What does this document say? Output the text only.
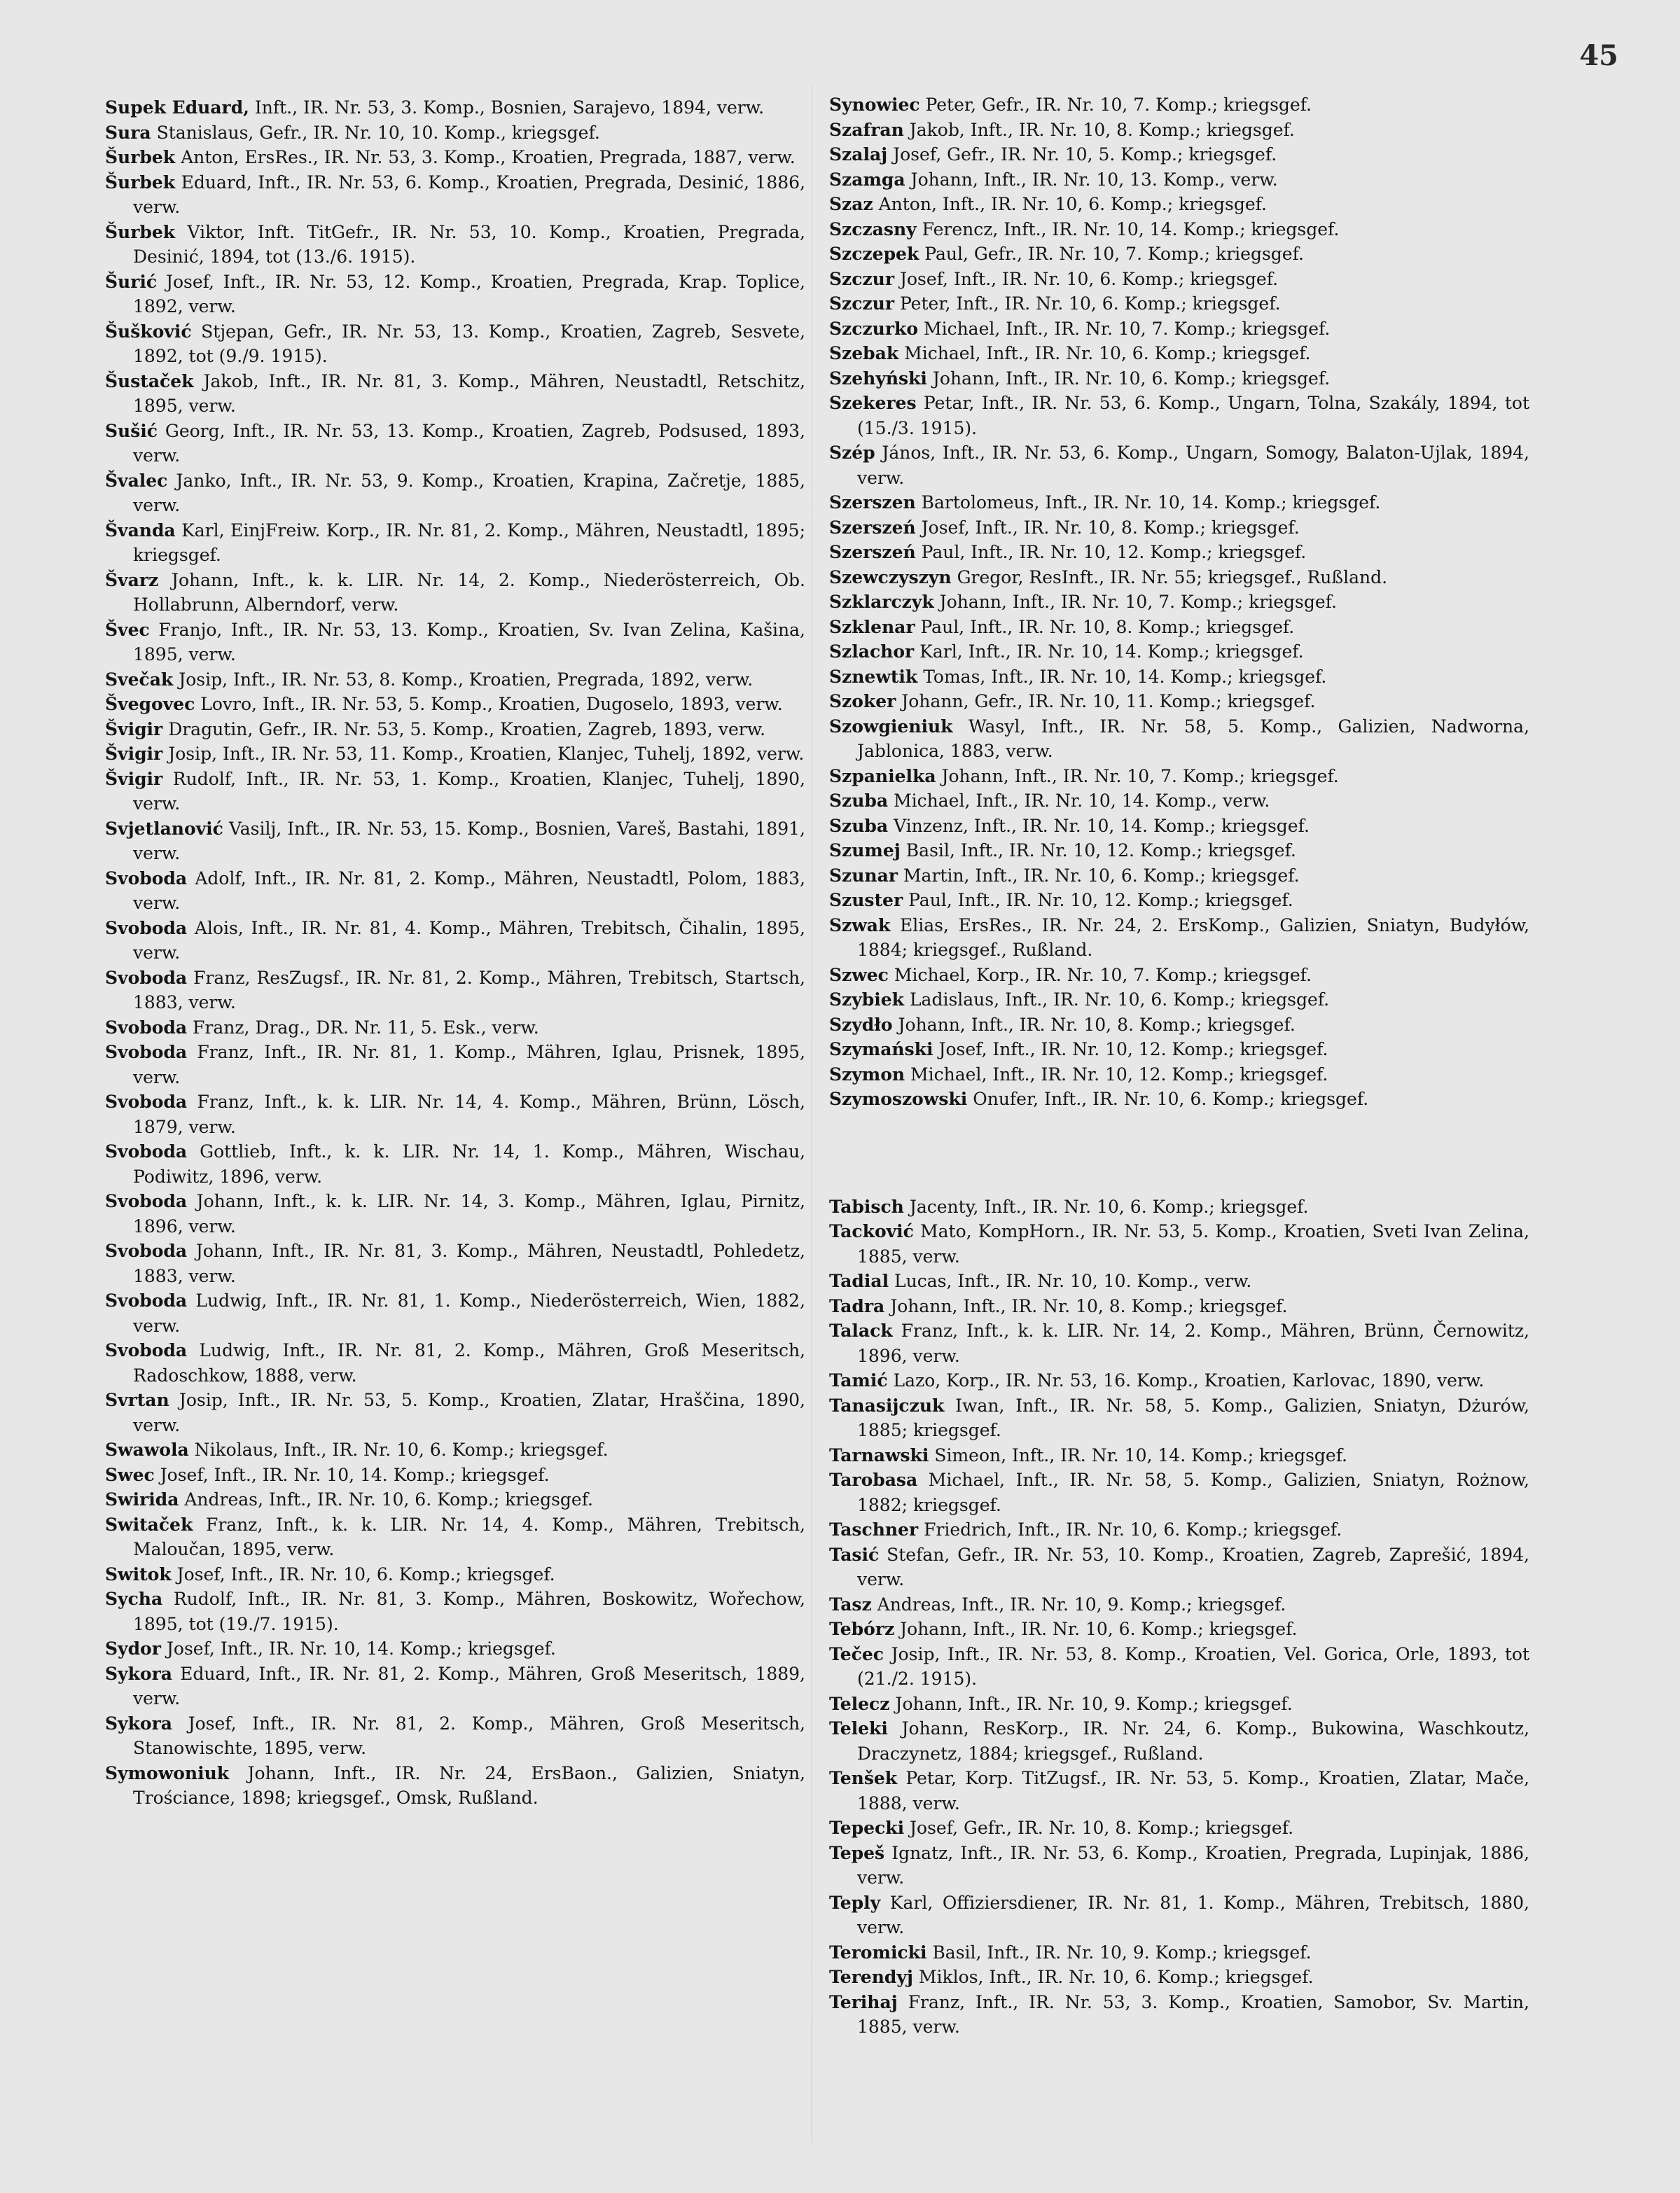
45
Supek Eduard, Inft., IR. Nr. 53, 3. Komp., Bosnien, Sarajevo, 1894, verw.
Sura Stanislaus, Gefr., IR. Nr. 10, 10. Komp., kriegsgef.
Šurbek Anton, ErsRes., IR. Nr. 53, 3. Komp., Kroatien, Pregrada, 1887, verw.
Šurbek Eduard, Inft., IR. Nr. 53, 6. Komp., Kroatien, Pregrada, Desinić, 1886, verw.
Šurbek Viktor, Inft. TitGefr., IR. Nr. 53, 10. Komp., Kroatien, Pregrada, Desinić, 1894, tot (13./6. 1915).
Šurić Josef, Inft., IR. Nr. 53, 12. Komp., Kroatien, Pregrada, Krap. Toplice, 1892, verw.
Šušković Stjepan, Gefr., IR. Nr. 53, 13. Komp., Kroatien, Zagreb, Sesvete, 1892, tot (9./9. 1915).
Šustaček Jakob, Inft., IR. Nr. 81, 3. Komp., Mähren, Neustadtl, Retschitz, 1895, verw.
Sušić Georg, Inft., IR. Nr. 53, 13. Komp., Kroatien, Zagreb, Podsused, 1893, verw.
Švalec Janko, Inft., IR. Nr. 53, 9. Komp., Kroatien, Krapina, Začretje, 1885, verw.
Švanda Karl, EinjFreiw. Korp., IR. Nr. 81, 2. Komp., Mähren, Neustadtl, 1895; kriegsgef.
Švarz Johann, Inft., k. k. LIR. Nr. 14, 2. Komp., Niederösterreich, Ob. Hollabrunn, Alberndorf, verw.
Švec Franjo, Inft., IR. Nr. 53, 13. Komp., Kroatien, Sv. Ivan Zelina, Kašina, 1895, verw.
Svečak Josip, Inft., IR. Nr. 53, 8. Komp., Kroatien, Pregrada, 1892, verw.
Švegovec Lovro, Inft., IR. Nr. 53, 5. Komp., Kroatien, Dugoselo, 1893, verw.
Švigir Dragutin, Gefr., IR. Nr. 53, 5. Komp., Kroatien, Zagreb, 1893, verw.
Švigir Josip, Inft., IR. Nr. 53, 11. Komp., Kroatien, Klanjec, Tuhelj, 1892, verw.
Švigir Rudolf, Inft., IR. Nr. 53, 1. Komp., Kroatien, Klanjec, Tuhelj, 1890, verw.
Svjetlanović Vasilj, Inft., IR. Nr. 53, 15. Komp., Bosnien, Vareš, Bastahi, 1891, verw.
Svoboda Adolf, Inft., IR. Nr. 81, 2. Komp., Mähren, Neustadtl, Polom, 1883, verw.
Svoboda Alois, Inft., IR. Nr. 81, 4. Komp., Mähren, Trebitsch, Čihalin, 1895, verw.
Svoboda Franz, ResZugsf., IR. Nr. 81, 2. Komp., Mähren, Trebitsch, Startsch, 1883, verw.
Svoboda Franz, Drag., DR. Nr. 11, 5. Esk., verw.
Svoboda Franz, Inft., IR. Nr. 81, 1. Komp., Mähren, Iglau, Prisnek, 1895, verw.
Svoboda Franz, Inft., k. k. LIR. Nr. 14, 4. Komp., Mähren, Brünn, Lösch, 1879, verw.
Svoboda Gottlieb, Inft., k. k. LIR. Nr. 14, 1. Komp., Mähren, Wischau, Podiwitz, 1896, verw.
Svoboda Johann, Inft., k. k. LIR. Nr. 14, 3. Komp., Mähren, Iglau, Pirnitz, 1896, verw.
Svoboda Johann, Inft., IR. Nr. 81, 3. Komp., Mähren, Neustadtl, Pohledetz, 1883, verw.
Svoboda Ludwig, Inft., IR. Nr. 81, 1. Komp., Niederösterreich, Wien, 1882, verw.
Svoboda Ludwig, Inft., IR. Nr. 81, 2. Komp., Mähren, Groß Meseritsch, Radoschkow, 1888, verw.
Svrtan Josip, Inft., IR. Nr. 53, 5. Komp., Kroatien, Zlatar, Hraščina, 1890, verw.
Swawola Nikolaus, Inft., IR. Nr. 10, 6. Komp.; kriegsgef.
Swec Josef, Inft., IR. Nr. 10, 14. Komp.; kriegsgef.
Swirida Andreas, Inft., IR. Nr. 10, 6. Komp.; kriegsgef.
Switaček Franz, Inft., k. k. LIR. Nr. 14, 4. Komp., Mähren, Trebitsch, Maloučan, 1895, verw.
Switok Josef, Inft., IR. Nr. 10, 6. Komp.; kriegsgef.
Sycha Rudolf, Inft., IR. Nr. 81, 3. Komp., Mähren, Boskowitz, Wořechow, 1895, tot (19./7. 1915).
Sydor Josef, Inft., IR. Nr. 10, 14. Komp.; kriegsgef.
Sykora Eduard, Inft., IR. Nr. 81, 2. Komp., Mähren, Groß Meseritsch, 1889, verw.
Sykora Josef, Inft., IR. Nr. 81, 2. Komp., Mähren, Groß Meseritsch, Stanowischte, 1895, verw.
Symowoniuk Johann, Inft., IR. Nr. 24, ErsBaon., Galizien, Sniatyn, Trościance, 1898; kriegsgef., Omsk, Rußland.
Synowiec Peter, Gefr., IR. Nr. 10, 7. Komp.; kriegsgef.
Szafran Jakob, Inft., IR. Nr. 10, 8. Komp.; kriegsgef.
Szalaj Josef, Gefr., IR. Nr. 10, 5. Komp.; kriegsgef.
Szamga Johann, Inft., IR. Nr. 10, 13. Komp., verw.
Szaz Anton, Inft., IR. Nr. 10, 6. Komp.; kriegsgef.
Szczasny Ferencz, Inft., IR. Nr. 10, 14. Komp.; kriegsgef.
Szczepek Paul, Gefr., IR. Nr. 10, 7. Komp.; kriegsgef.
Szczur Josef, Inft., IR. Nr. 10, 6. Komp.; kriegsgef.
Szczur Peter, Inft., IR. Nr. 10, 6. Komp.; kriegsgef.
Szczurko Michael, Inft., IR. Nr. 10, 7. Komp.; kriegsgef.
Szebak Michael, Inft., IR. Nr. 10, 6. Komp.; kriegsgef.
Szehyński Johann, Inft., IR. Nr. 10, 6. Komp.; kriegsgef.
Szekeres Petar, Inft., IR. Nr. 53, 6. Komp., Ungarn, Tolna, Szakály, 1894, tot (15./3. 1915).
Szép János, Inft., IR. Nr. 53, 6. Komp., Ungarn, Somogy, Balaton-Ujlak, 1894, verw.
Szerszen Bartolomeus, Inft., IR. Nr. 10, 14. Komp.; kriegsgef.
Szerszeń Josef, Inft., IR. Nr. 10, 8. Komp.; kriegsgef.
Szerszeń Paul, Inft., IR. Nr. 10, 12. Komp.; kriegsgef.
Szewczyszyn Gregor, ResInft., IR. Nr. 55; kriegsgef., Rußland.
Szklarczyk Johann, Inft., IR. Nr. 10, 7. Komp.; kriegsgef.
Szklenar Paul, Inft., IR. Nr. 10, 8. Komp.; kriegsgef.
Szlachor Karl, Inft., IR. Nr. 10, 14. Komp.; kriegsgef.
Sznewtik Tomas, Inft., IR. Nr. 10, 14. Komp.; kriegsgef.
Szoker Johann, Gefr., IR. Nr. 10, 11. Komp.; kriegsgef.
Szowgieniuk Wasyl, Inft., IR. Nr. 58, 5. Komp., Galizien, Nadworna, Jablonica, 1883, verw.
Szpanielka Johann, Inft., IR. Nr. 10, 7. Komp.; kriegsgef.
Szuba Michael, Inft., IR. Nr. 10, 14. Komp., verw.
Szuba Vinzenz, Inft., IR. Nr. 10, 14. Komp.; kriegsgef.
Szumej Basil, Inft., IR. Nr. 10, 12. Komp.; kriegsgef.
Szunar Martin, Inft., IR. Nr. 10, 6. Komp.; kriegsgef.
Szuster Paul, Inft., IR. Nr. 10, 12. Komp.; kriegsgef.
Szwak Elias, ErsRes., IR. Nr. 24, 2. ErsKomp., Galizien, Sniatyn, Budyłów, 1884; kriegsgef., Rußland.
Szwec Michael, Korp., IR. Nr. 10, 7. Komp.; kriegsgef.
Szybiek Ladislaus, Inft., IR. Nr. 10, 6. Komp.; kriegsgef.
Szydło Johann, Inft., IR. Nr. 10, 8. Komp.; kriegsgef.
Szymański Josef, Inft., IR. Nr. 10, 12. Komp.; kriegsgef.
Szymon Michael, Inft., IR. Nr. 10, 12. Komp.; kriegsgef.
Szymoszowski Onufer, Inft., IR. Nr. 10, 6. Komp.; kriegsgef.
Tabisch Jacenty, Inft., IR. Nr. 10, 6. Komp.; kriegsgef.
Tacković Mato, KompHorn., IR. Nr. 53, 5. Komp., Kroatien, Sveti Ivan Zelina, 1885, verw.
Tadial Lucas, Inft., IR. Nr. 10, 10. Komp., verw.
Tadra Johann, Inft., IR. Nr. 10, 8. Komp.; kriegsgef.
Talack Franz, Inft., k. k. LIR. Nr. 14, 2. Komp., Mähren, Brünn, Černowitz, 1896, verw.
Tamić Lazo, Korp., IR. Nr. 53, 16. Komp., Kroatien, Karlovac, 1890, verw.
Tanasijczuk Iwan, Inft., IR. Nr. 58, 5. Komp., Galizien, Sniatyn, Dżurów, 1885; kriegsgef.
Tarnawski Simeon, Inft., IR. Nr. 10, 14. Komp.; kriegsgef.
Tarobasa Michael, Inft., IR. Nr. 58, 5. Komp., Galizien, Sniatyn, Rożnow, 1882; kriegsgef.
Taschner Friedrich, Inft., IR. Nr. 10, 6. Komp.; kriegsgef.
Tasić Stefan, Gefr., IR. Nr. 53, 10. Komp., Kroatien, Zagreb, Zaprešić, 1894, verw.
Tasz Andreas, Inft., IR. Nr. 10, 9. Komp.; kriegsgef.
Tebórz Johann, Inft., IR. Nr. 10, 6. Komp.; kriegsgef.
Tečec Josip, Inft., IR. Nr. 53, 8. Komp., Kroatien, Vel. Gorica, Orle, 1893, tot (21./2. 1915).
Telecz Johann, Inft., IR. Nr. 10, 9. Komp.; kriegsgef.
Teleki Johann, ResKorp., IR. Nr. 24, 6. Komp., Bukowina, Waschkoutz, Draczynetz, 1884; kriegsgef., Rußland.
Tenšek Petar, Korp. TitZugsf., IR. Nr. 53, 5. Komp., Kroatien, Zlatar, Mače, 1888, verw.
Tepecki Josef, Gefr., IR. Nr. 10, 8. Komp.; kriegsgef.
Tepeš Ignatz, Inft., IR. Nr. 53, 6. Komp., Kroatien, Pregrada, Lupinjak, 1886, verw.
Teply Karl, Offiziersdiener, IR. Nr. 81, 1. Komp., Mähren, Trebitsch, 1880, verw.
Teromicki Basil, Inft., IR. Nr. 10, 9. Komp.; kriegsgef.
Terendyj Miklos, Inft., IR. Nr. 10, 6. Komp.; kriegsgef.
Terihaj Franz, Inft., IR. Nr. 53, 3. Komp., Kroatien, Samobor, Sv. Martin, 1885, verw.
